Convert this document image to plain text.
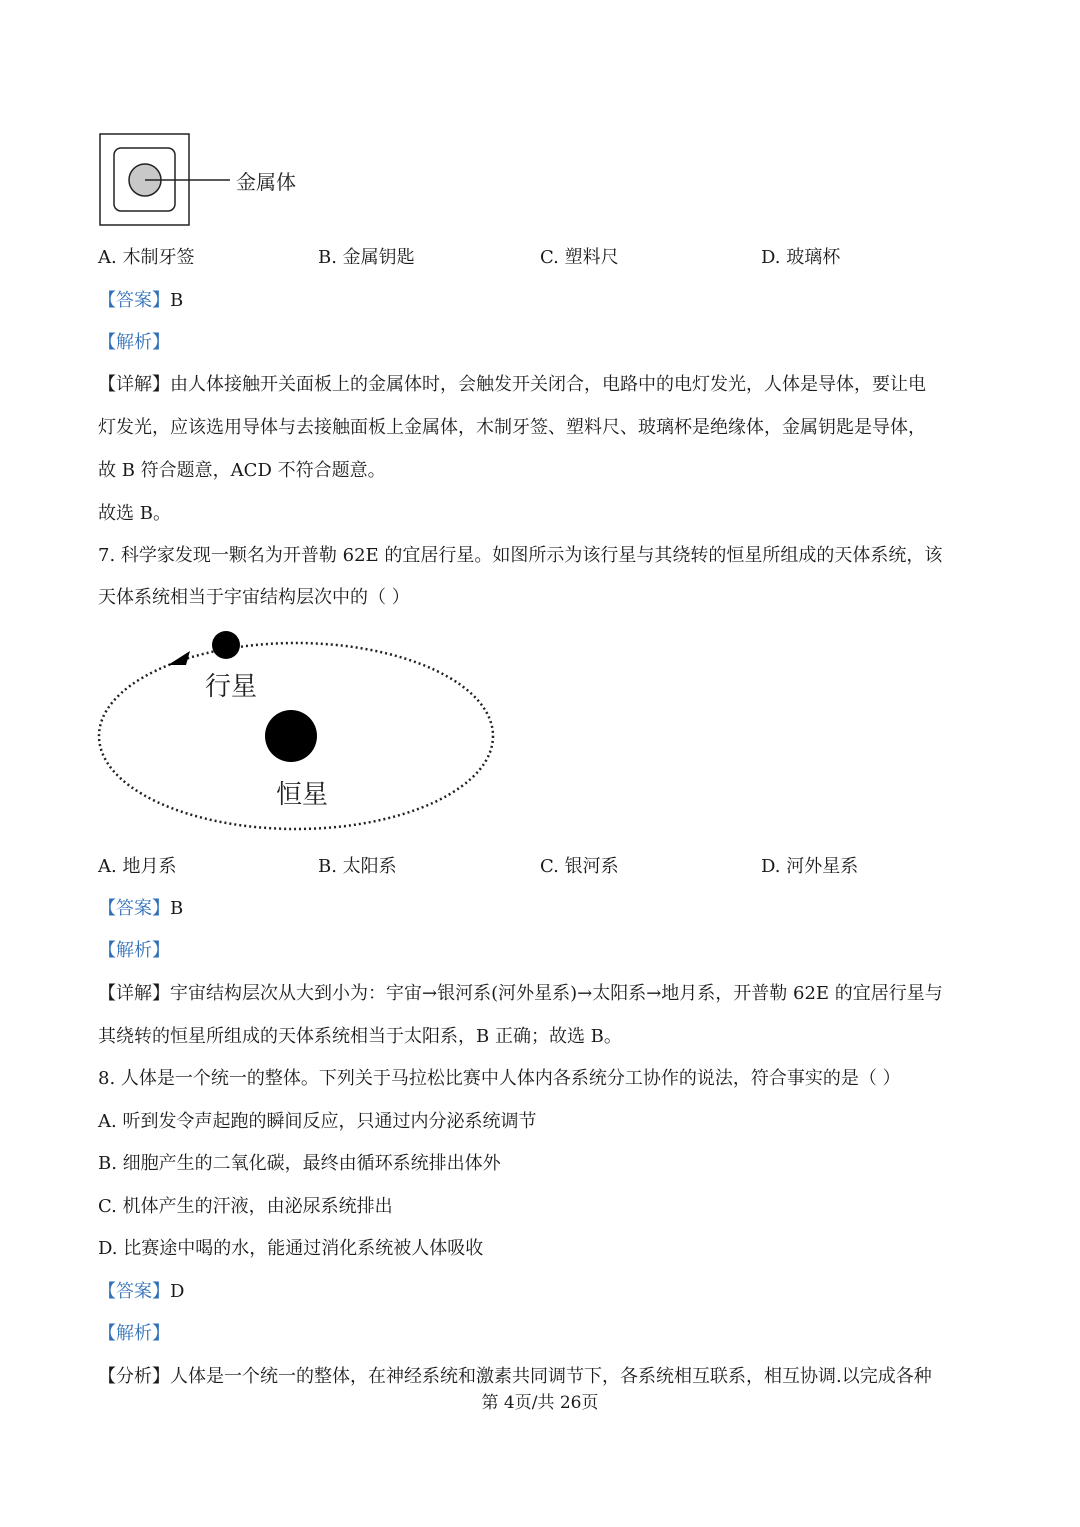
金属体
A. 木制牙签	B. 金属钥匙	C. 塑料尺	D. 玻璃杯
【答案】B
【解析】
【详解】由人体接触开关面板上的金属体时，会触发开关闭合，电路中的电灯发光，人体是导体，要让电
灯发光，应该选用导体与去接触面板上金属体，木制牙签、塑料尺、玻璃杯是绝缘体，金属钥匙是导体，
故 B 符合题意，ACD 不符合题意。
故选 B。
7. 科学家发现一颗名为开普勒 62E 的宜居行星。如图所示为该行星与其绕转的恒星所组成的天体系统，该
天体系统相当于宇宙结构层次中的（ ）
行星
恒星
A. 地月系	B. 太阳系	C. 银河系	D. 河外星系
【答案】B
【解析】
【详解】宇宙结构层次从大到小为：宇宙→银河系(河外星系)→太阳系→地月系，开普勒 62E 的宜居行星与
其绕转的恒星所组成的天体系统相当于太阳系，B 正确；故选 B。
8. 人体是一个统一的整体。下列关于马拉松比赛中人体内各系统分工协作的说法，符合事实的是（ ）
A. 听到发令声起跑的瞬间反应，只通过内分泌系统调节
B. 细胞产生的二氧化碳，最终由循环系统排出体外
C. 机体产生的汗液，由泌尿系统排出
D. 比赛途中喝的水，能通过消化系统被人体吸收
【答案】D
【解析】
【分析】人体是一个统一的整体，在神经系统和激素共同调节下，各系统相互联系，相互协调.以完成各种
第 4页/共 26页
